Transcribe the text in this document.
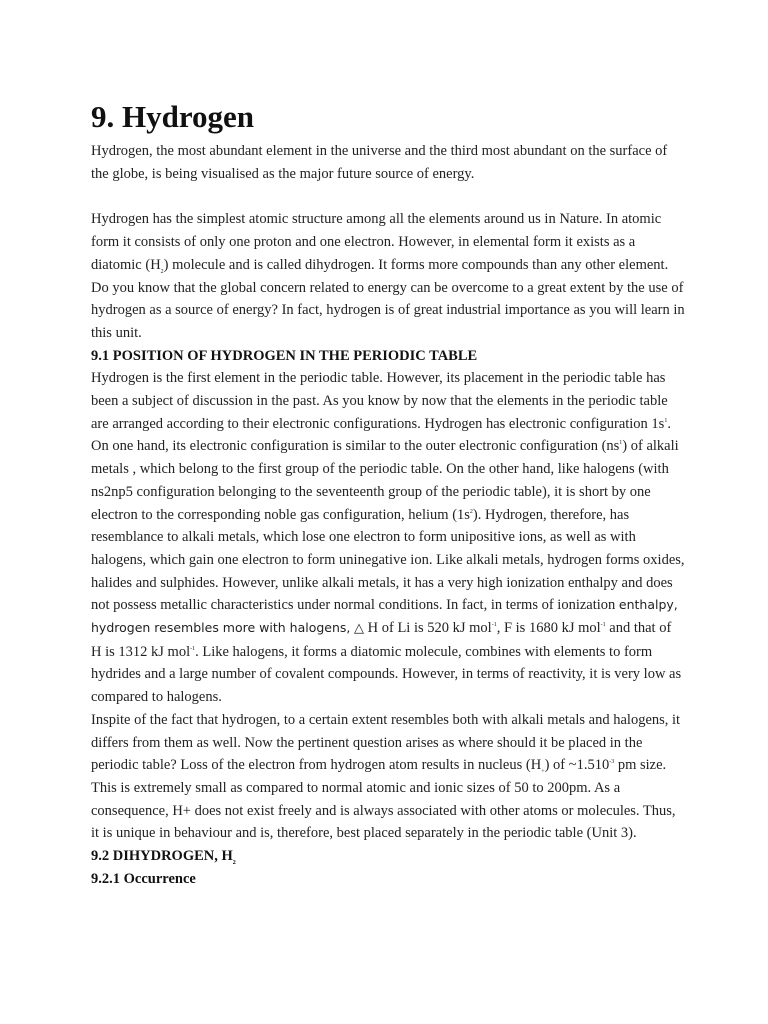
9. Hydrogen

Hydrogen, the most abundant element in the universe and the third most abundant on the surface of the globe, is being visualised as the major future source of energy.

Hydrogen has the simplest atomic structure among all the elements around us in Nature. In atomic form it consists of only one proton and one electron. However, in elemental form it exists as a diatomic $(H_2)$ molecule and is called dihydrogen. It forms more compounds than any other element. Do you know that the global concern related to energy can be overcome to a great extent by the use of hydrogen as a source of energy? In fact, hydrogen is of great industrial importance as you will learn in this unit.

9.1 POSITION OF HYDROGEN IN THE PERIODIC TABLE

Hydrogen is the first element in the periodic table. However, its placement in the periodic table has been a subject of discussion in the past. As you know by now that the elements in the periodic table are arranged according to their electronic configurations. Hydrogen has electronic configuration $1s^1$. On one hand, its electronic configuration is similar to the outer electronic configuration $(ns^1)$ of alkali metals , which belong to the first group of the periodic table. On the other hand, like halogens (with ns2np5 configuration belonging to the seventeenth group of the periodic table), it is short by one electron to the corresponding noble gas configuration, helium $(1s^2)$. Hydrogen, therefore, has resemblance to alkali metals, which lose one electron to form unipositive ions, as well as with halogens, which gain one electron to form uninegative ion. Like alkali metals, hydrogen forms oxides, halides and sulphides. However, unlike alkali metals, it has a very high ionization enthalpy and does not possess metallic characteristics under normal conditions. In fact, in terms of ionization enthalpy, hydrogen resembles more with halogens, △ H of Li is 520 kJ mol$^{-1}$, F is 1680 kJ mol$^{-1}$ and that of H is 1312 kJ mol$^{-1}$. Like halogens, it forms a diatomic molecule, combines with elements to form hydrides and a large number of covalent compounds. However, in terms of reactivity, it is very low as compared to halogens.

Inspite of the fact that hydrogen, to a certain extent resembles both with alkali metals and halogens, it differs from them as well. Now the pertinent question arises as where should it be placed in the periodic table? Loss of the electron from hydrogen atom results in nucleus $(H_+)$ of $\sim 1.510^{-3}$ pm size. This is extremely small as compared to normal atomic and ionic sizes of 50 to 200pm. As a consequence, H+ does not exist freely and is always associated with other atoms or molecules. Thus, it is unique in behaviour and is, therefore, best placed separately in the periodic table (Unit 3).

9.2 DIHYDROGEN, $H_2$

9.2.1 Occurrence
